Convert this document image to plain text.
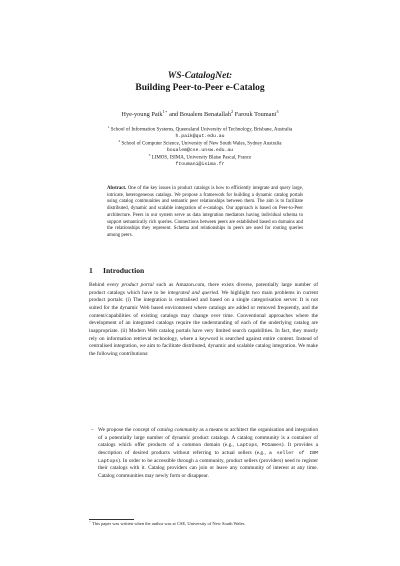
WS-CatalogNet:
Building Peer-to-Peer e-Catalog
Hye-young Paik$^{1⋆}$ and Boualem Benatallah$^2$ Farouk Toumani$^3$
$^1$ School of Information Systems, Queensland University of Technology, Brisbane, Australia
h.paik@qut.edu.au
$^2$ School of Computer Science, University of New South Wales, Sydney Australia
boualem@cse.unsw.edu.au
$^3$ LIMOS, ISIMA, University Blaise Pascal, France
ftoumani@isima.fr
Abstract. One of the key issues in product catalogs is how to efficiently integrate and query large, intricate, heterogeneous catalogs. We propose a framework for building a dynamic catalog portals using catalog communities and semantic peer relationships between them. The aim is to facilitate distributed, dynamic and scalable integration of e-catalogs. Our approach is based on Peer-to-Peer architecture. Peers in our system serve as data integration mediators having individual schema to support semantically rich queries. Connections between peers are established based on domains and the relationships they represent. Schema and relationships in peers are used for routing queries among peers.
1 Introduction

Behind every product portal such as Amazon.com, there exists diverse, potentially large number of product catalogs which have to be integrated and queried. We highlight two main problems in current product portals: (i) The integration is centralised and based on a single categorisation server. It is not suited for the dynamic Web based environment where catalogs are added or removed frequently, and the content/capabilities of existing catalogs may change over time. Conventional approaches where the development of an integrated catalogs require the understanding of each of the underlying catalog are inappropriate. (ii) Modern Web catalog portals have very limited search capabilities. In fact, they mostly rely on information retrieval technology, where a keyword is searched against entire content. Instead of centralised integration, we aim to facilitate distributed, dynamic and scalable catalog integration. We make the following contributions:

– We propose the concept of catalog community as a means to architect the organisation and integration of a potentially large number of dynamic product catalogs. A catalog community is a container of catalogs which offer products of a common domain (e.g., Laptops, PCGames). It provides a description of desired products without referring to actual sellers (e.g., a seller of IBM Laptops). In order to be accessible through a community, product sellers (providers) need to register their catalogs with it. Catalog providers can join or leave any community of interest at any time. Catalog communities may newly form or disappear.
⋆ This paper was written when the author was at CSE, University of New South Wales.
